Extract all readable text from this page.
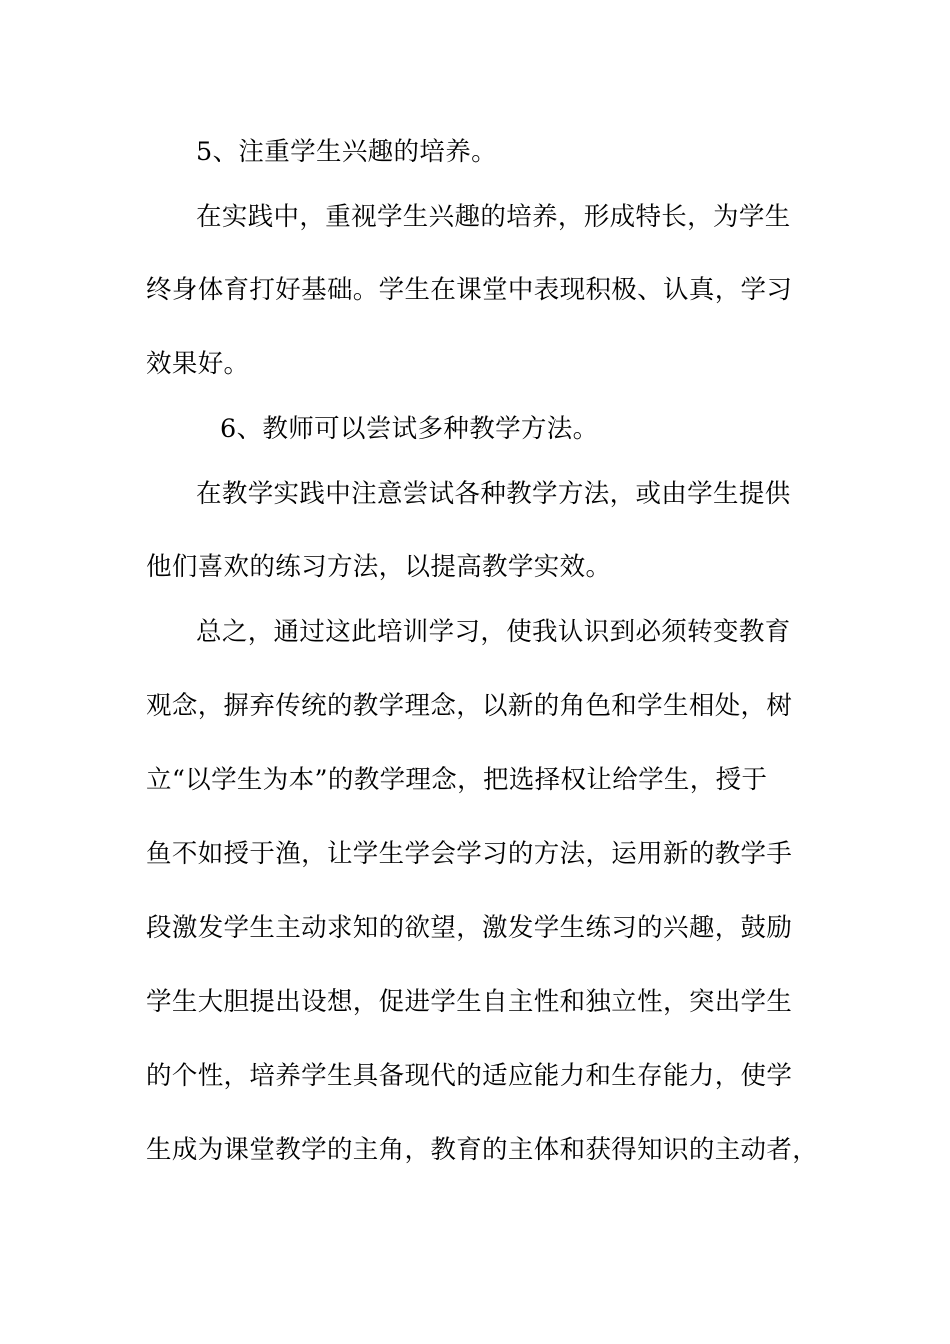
5、注重学生兴趣的培养。
在实践中，重视学生兴趣的培养，形成特长，为学生
终身体育打好基础。学生在课堂中表现积极、认真，学习
效果好。
6、教师可以尝试多种教学方法。
在教学实践中注意尝试各种教学方法，或由学生提供
他们喜欢的练习方法，以提高教学实效。
总之，通过这此培训学习，使我认识到必须转变教育
观念，摒弃传统的教学理念，以新的角色和学生相处，树
立“以学生为本”的教学理念，把选择权让给学生，授于
鱼不如授于渔，让学生学会学习的方法，运用新的教学手
段激发学生主动求知的欲望，激发学生练习的兴趣，鼓励
学生大胆提出设想，促进学生自主性和独立性，突出学生
的个性，培养学生具备现代的适应能力和生存能力，使学
生成为课堂教学的主角，教育的主体和获得知识的主动者，
